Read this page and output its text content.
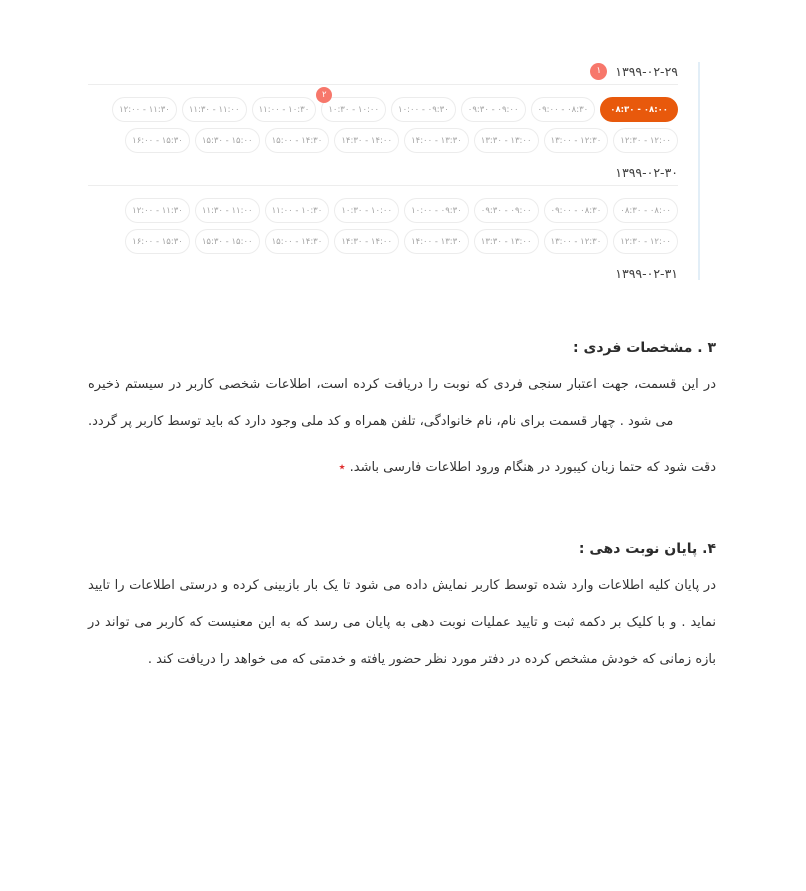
۱۳۹۹-۰۲-۲۹
۱
۰۸:۳۰ - ۰۸:۰۰
۰۹:۰۰ - ۰۸:۳۰
۰۹:۳۰ - ۰۹:۰۰
۱۰:۰۰ - ۰۹:۳۰
۱۰:۳۰ - ۱۰:۰۰
۲
۱۱:۰۰ - ۱۰:۳۰
۱۱:۳۰ - ۱۱:۰۰
۱۲:۰۰ - ۱۱:۳۰
۱۲:۳۰ - ۱۲:۰۰
۱۳:۰۰ - ۱۲:۳۰
۱۳:۳۰ - ۱۳:۰۰
۱۴:۰۰ - ۱۳:۳۰
۱۴:۳۰ - ۱۴:۰۰
۱۵:۰۰ - ۱۴:۳۰
۱۵:۳۰ - ۱۵:۰۰
۱۶:۰۰ - ۱۵:۳۰
۱۳۹۹-۰۲-۳۰
۰۸:۳۰ - ۰۸:۰۰
۰۹:۰۰ - ۰۸:۳۰
۰۹:۳۰ - ۰۹:۰۰
۱۰:۰۰ - ۰۹:۳۰
۱۰:۳۰ - ۱۰:۰۰
۱۱:۰۰ - ۱۰:۳۰
۱۱:۳۰ - ۱۱:۰۰
۱۲:۰۰ - ۱۱:۳۰
۱۲:۳۰ - ۱۲:۰۰
۱۳:۰۰ - ۱۲:۳۰
۱۳:۳۰ - ۱۳:۰۰
۱۴:۰۰ - ۱۳:۳۰
۱۴:۳۰ - ۱۴:۰۰
۱۵:۰۰ - ۱۴:۳۰
۱۵:۳۰ - ۱۵:۰۰
۱۶:۰۰ - ۱۵:۳۰
۱۳۹۹-۰۲-۳۱
۳ . مشخصات فردی :

در این قسمت، جهت اعتبار سنجی فردی که نوبت را دریافت کرده است، اطلاعات شخصی کاربر در سیستم ذخیره می شود . چهار قسمت برای نام، نام خانوادگی، تلفن همراه و کد ملی وجود دارد که باید توسط کاربر پر گردد.

٭ دقت شود که حتما زبان کیبورد در هنگام ورود اطلاعات فارسی باشد.

۴. پایان نوبت دهی :

در پایان کلیه اطلاعات وارد شده توسط کاربر نمایش داده می شود تا یک بار بازبینی کرده و درستی اطلاعات را تایید نماید . و با کلیک بر دکمه ثبت و تایید عملیات نوبت دهی به پایان می رسد که به این معنیست که کاربر می تواند در بازه زمانی که خودش مشخص کرده در دفتر مورد نظر حضور یافته و خدمتی که می خواهد را دریافت کند .
